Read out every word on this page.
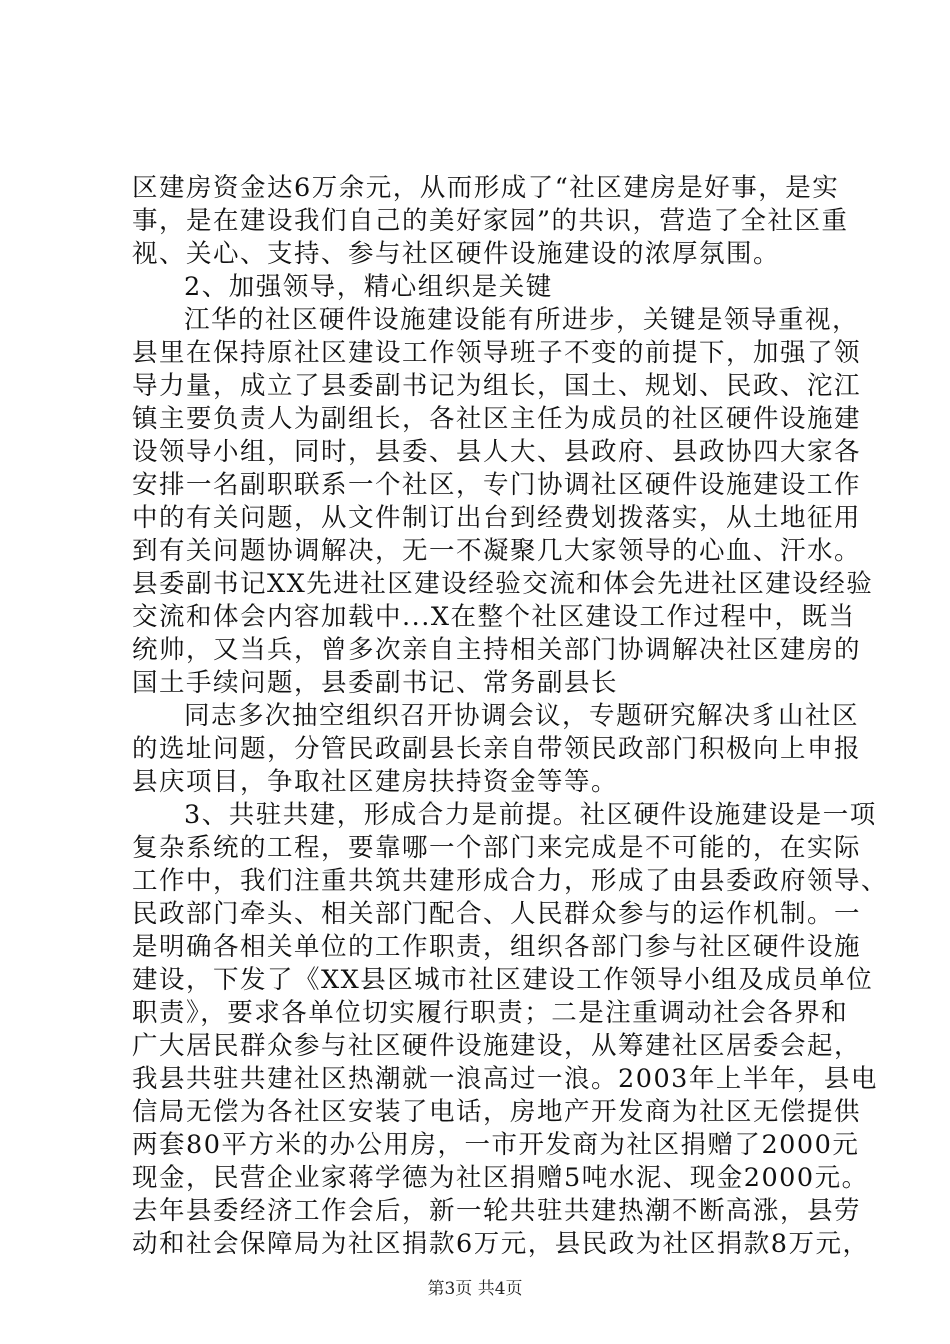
区建房资金达6万余元，从而形成了“社区建房是好事，是实
事，是在建设我们自己的美好家园”的共识，营造了全社区重
视、关心、支持、参与社区硬件设施建设的浓厚氛围。
2、加强领导，精心组织是关键
江华的社区硬件设施建设能有所进步，关键是领导重视，
县里在保持原社区建设工作领导班子不变的前提下，加强了领
导力量，成立了县委副书记为组长，国土、规划、民政、沱江
镇主要负责人为副组长，各社区主任为成员的社区硬件设施建
设领导小组，同时，县委、县人大、县政府、县政协四大家各
安排一名副职联系一个社区，专门协调社区硬件设施建设工作
中的有关问题，从文件制订出台到经费划拨落实，从土地征用
到有关问题协调解决，无一不凝聚几大家领导的心血、汗水。
县委副书记XX先进社区建设经验交流和体会先进社区建设经验
交流和体会内容加载中...X在整个社区建设工作过程中，既当
统帅，又当兵，曾多次亲自主持相关部门协调解决社区建房的
国土手续问题，县委副书记、常务副县长
同志多次抽空组织召开协调会议，专题研究解决豸山社区
的选址问题，分管民政副县长亲自带领民政部门积极向上申报
县庆项目，争取社区建房扶持资金等等。
3、共驻共建，形成合力是前提。社区硬件设施建设是一项
复杂系统的工程，要靠哪一个部门来完成是不可能的，在实际
工作中，我们注重共筑共建形成合力，形成了由县委政府领导、
民政部门牵头、相关部门配合、人民群众参与的运作机制。一
是明确各相关单位的工作职责，组织各部门参与社区硬件设施
建设，下发了《XX县区城市社区建设工作领导小组及成员单位
职责》，要求各单位切实履行职责；二是注重调动社会各界和
广大居民群众参与社区硬件设施建设，从筹建社区居委会起，
我县共驻共建社区热潮就一浪高过一浪。2003年上半年，县电
信局无偿为各社区安装了电话，房地产开发商为社区无偿提供
两套80平方米的办公用房，一市开发商为社区捐赠了2000元
现金，民营企业家蒋学德为社区捐赠5吨水泥、现金2000元。
去年县委经济工作会后，新一轮共驻共建热潮不断高涨，县劳
动和社会保障局为社区捐款6万元，县民政为社区捐款8万元，
第3页 共4页
